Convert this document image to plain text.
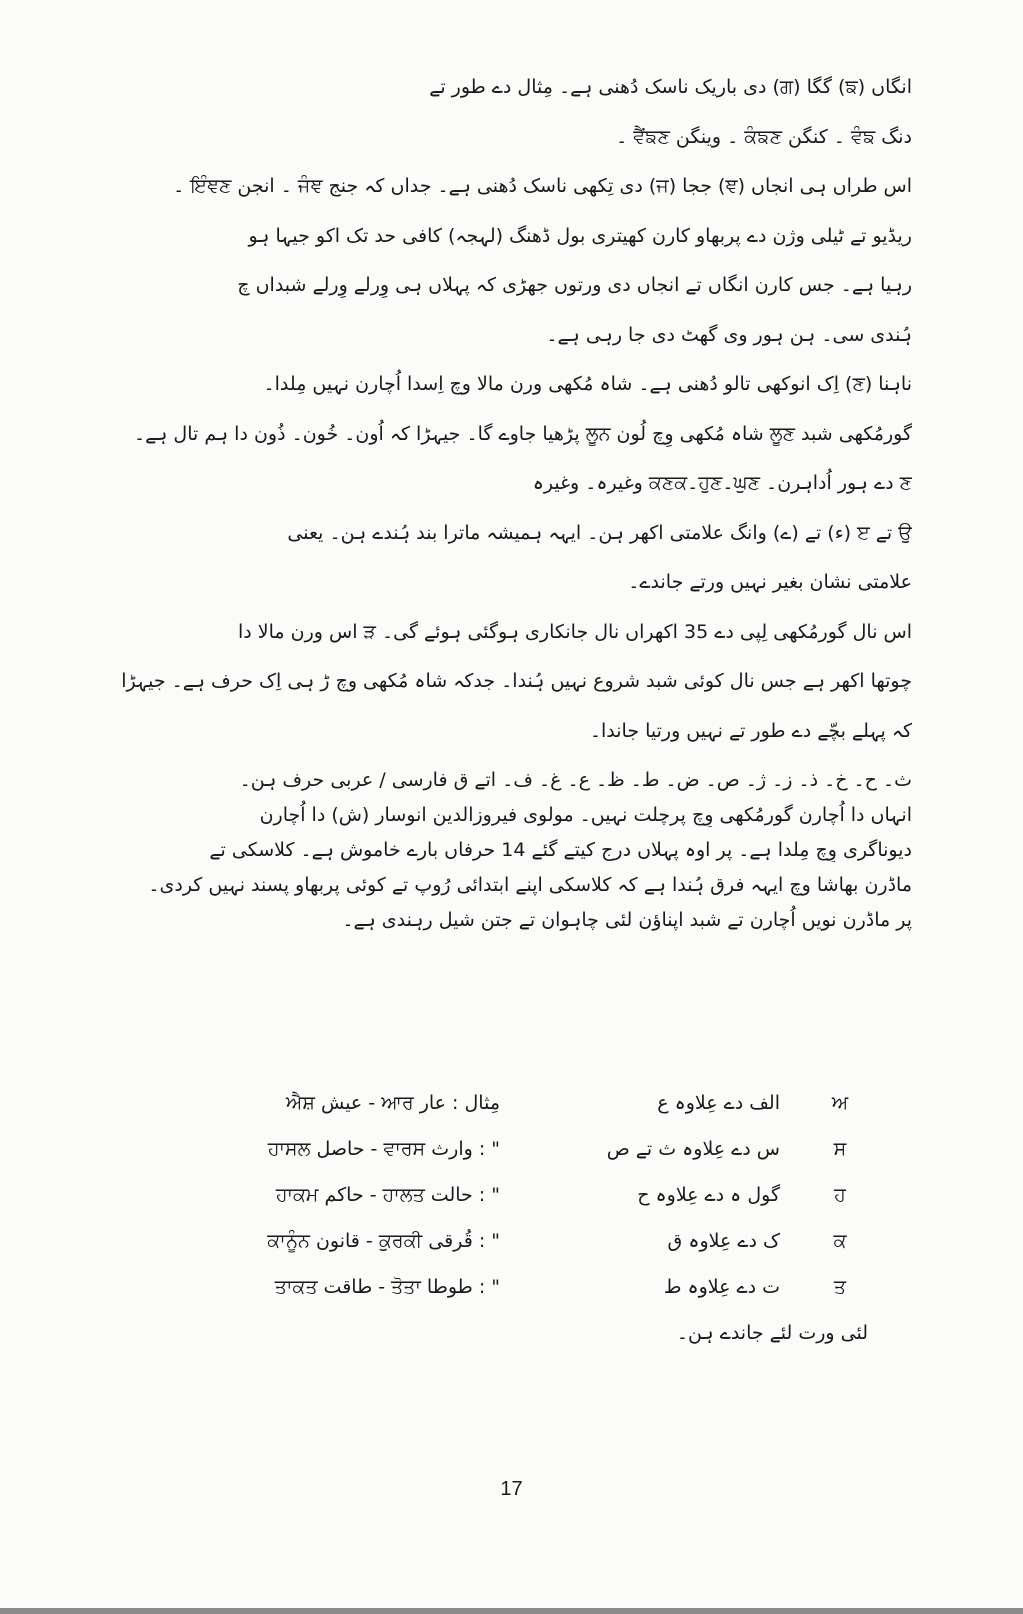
انگاں (ਙ) گگا (ਗ) دی باریک ناسک دُھنی ہے۔ مِثال دے طور تے
دنگ ਵੰਙ ۔ کنگن ਕੰਙਣ ۔ وینگن ਵੈਂਙਣ ۔
اس طراں ہی انجاں (ਞ) ججا (ਜ) دی تِکھی ناسک دُھنی ہے۔ جداں کہ جنج ਜੰਞ ۔ انجن ਇੰਞਣ ۔
ریڈیو تے ٹیلی وژن دے پربھاو کارن کھیتری بول ڈھنگ (لہجہ) کافی حد تک اکو جیہا ہو
رہیا ہے۔ جس کارن انگاں تے انجاں دی ورتوں جھڑی کہ پہلاں ہی وِرلے وِرلے شبداں چ
ہُندی سی۔ ہن ہور وی گھٹ دی جا رہی ہے۔
ناہنا (ਣ) اِک انوکھی تالو دُھنی ہے۔ شاہ مُکھی ورن مالا وچ اِسدا اُچارن نہیں مِلدا۔
گورمُکھی شبد ਲੂਣ شاہ مُکھی وِچ لُون ਲੂਨ پڑھیا جاوے گا۔ جیہڑا کہ اُون۔ خُون۔ ذُون دا ہم تال ہے۔
ਣ دے ہور اُداہرن۔ ਘੁਣ۔ਹੁਣ۔ਕਣਕ وغیرہ۔ وغیرہ
ਉ تے ੲ (ء) تے (ے) وانگ علامتی اکھر ہن۔ ایہہ ہمیشہ ماترا بند ہُندے ہن۔ یعنی
علامتی نشان بغیر نہیں ورتے جاندے۔
اس نال گورمُکھی لِپی دے 35 اکھراں نال جانکاری ہوگئی ہوئے گی۔ ੜ اس ورن مالا دا
چوتھا اکھر ہے جس نال کوئی شبد شروع نہیں ہُندا۔ جدکہ شاہ مُکھی وچ ڑ ہی اِک حرف ہے۔ جیہڑا
کہ پہلے بچّے دے طور تے نہیں ورتیا جاندا۔
ث۔ ح۔ خ۔ ذ۔ ز۔ ژ۔ ص۔ ض۔ ط۔ ظ۔ ع۔ غ۔ ف۔ اتے ق فارسی / عربی حرف ہن۔
انہاں دا اُچارن گورمُکھی وِچ پرچلت نہیں۔ مولوی فیروزالدین انوسار (ش) دا اُچارن
دیوناگری وِچ مِلدا ہے۔ پر اوہ پہلاں درج کیتے گئے 14 حرفاں بارے خاموش ہے۔ کلاسکی تے
ماڈرن بھاشا وچ ایہہ فرق ہُندا ہے کہ کلاسکی اپنے ابتدائی رُوپ تے کوئی پربھاو پسند نہیں کردی۔
پر ماڈرن نویں اُچارن تے شبد اپناؤن لئی چاہوان تے جتن شیل رہندی ہے۔
ਅ
الف دے عِلاوہ ع
مِثال : عار ਆਰ - عیش ਐਸ਼
ਸ
س دے عِلاوہ ث تے ص
" : وارث ਵਾਰਸ - حاصل ਹਾਸਲ
ਹ
گول ہ دے عِلاوہ ح
" : حالت ਹਾਲਤ - حاکم ਹਾਕਮ
ਕ
ک دے عِلاوہ ق
" : قُرقی ਕੁਰਕੀ - قانون ਕਾਨੂੰਨ
ਤ
ت دے عِلاوہ ط
" : طوطا ਤੋਤਾ - طاقت ਤਾਕਤ
لئی ورت لئے جاندے ہن۔
17
